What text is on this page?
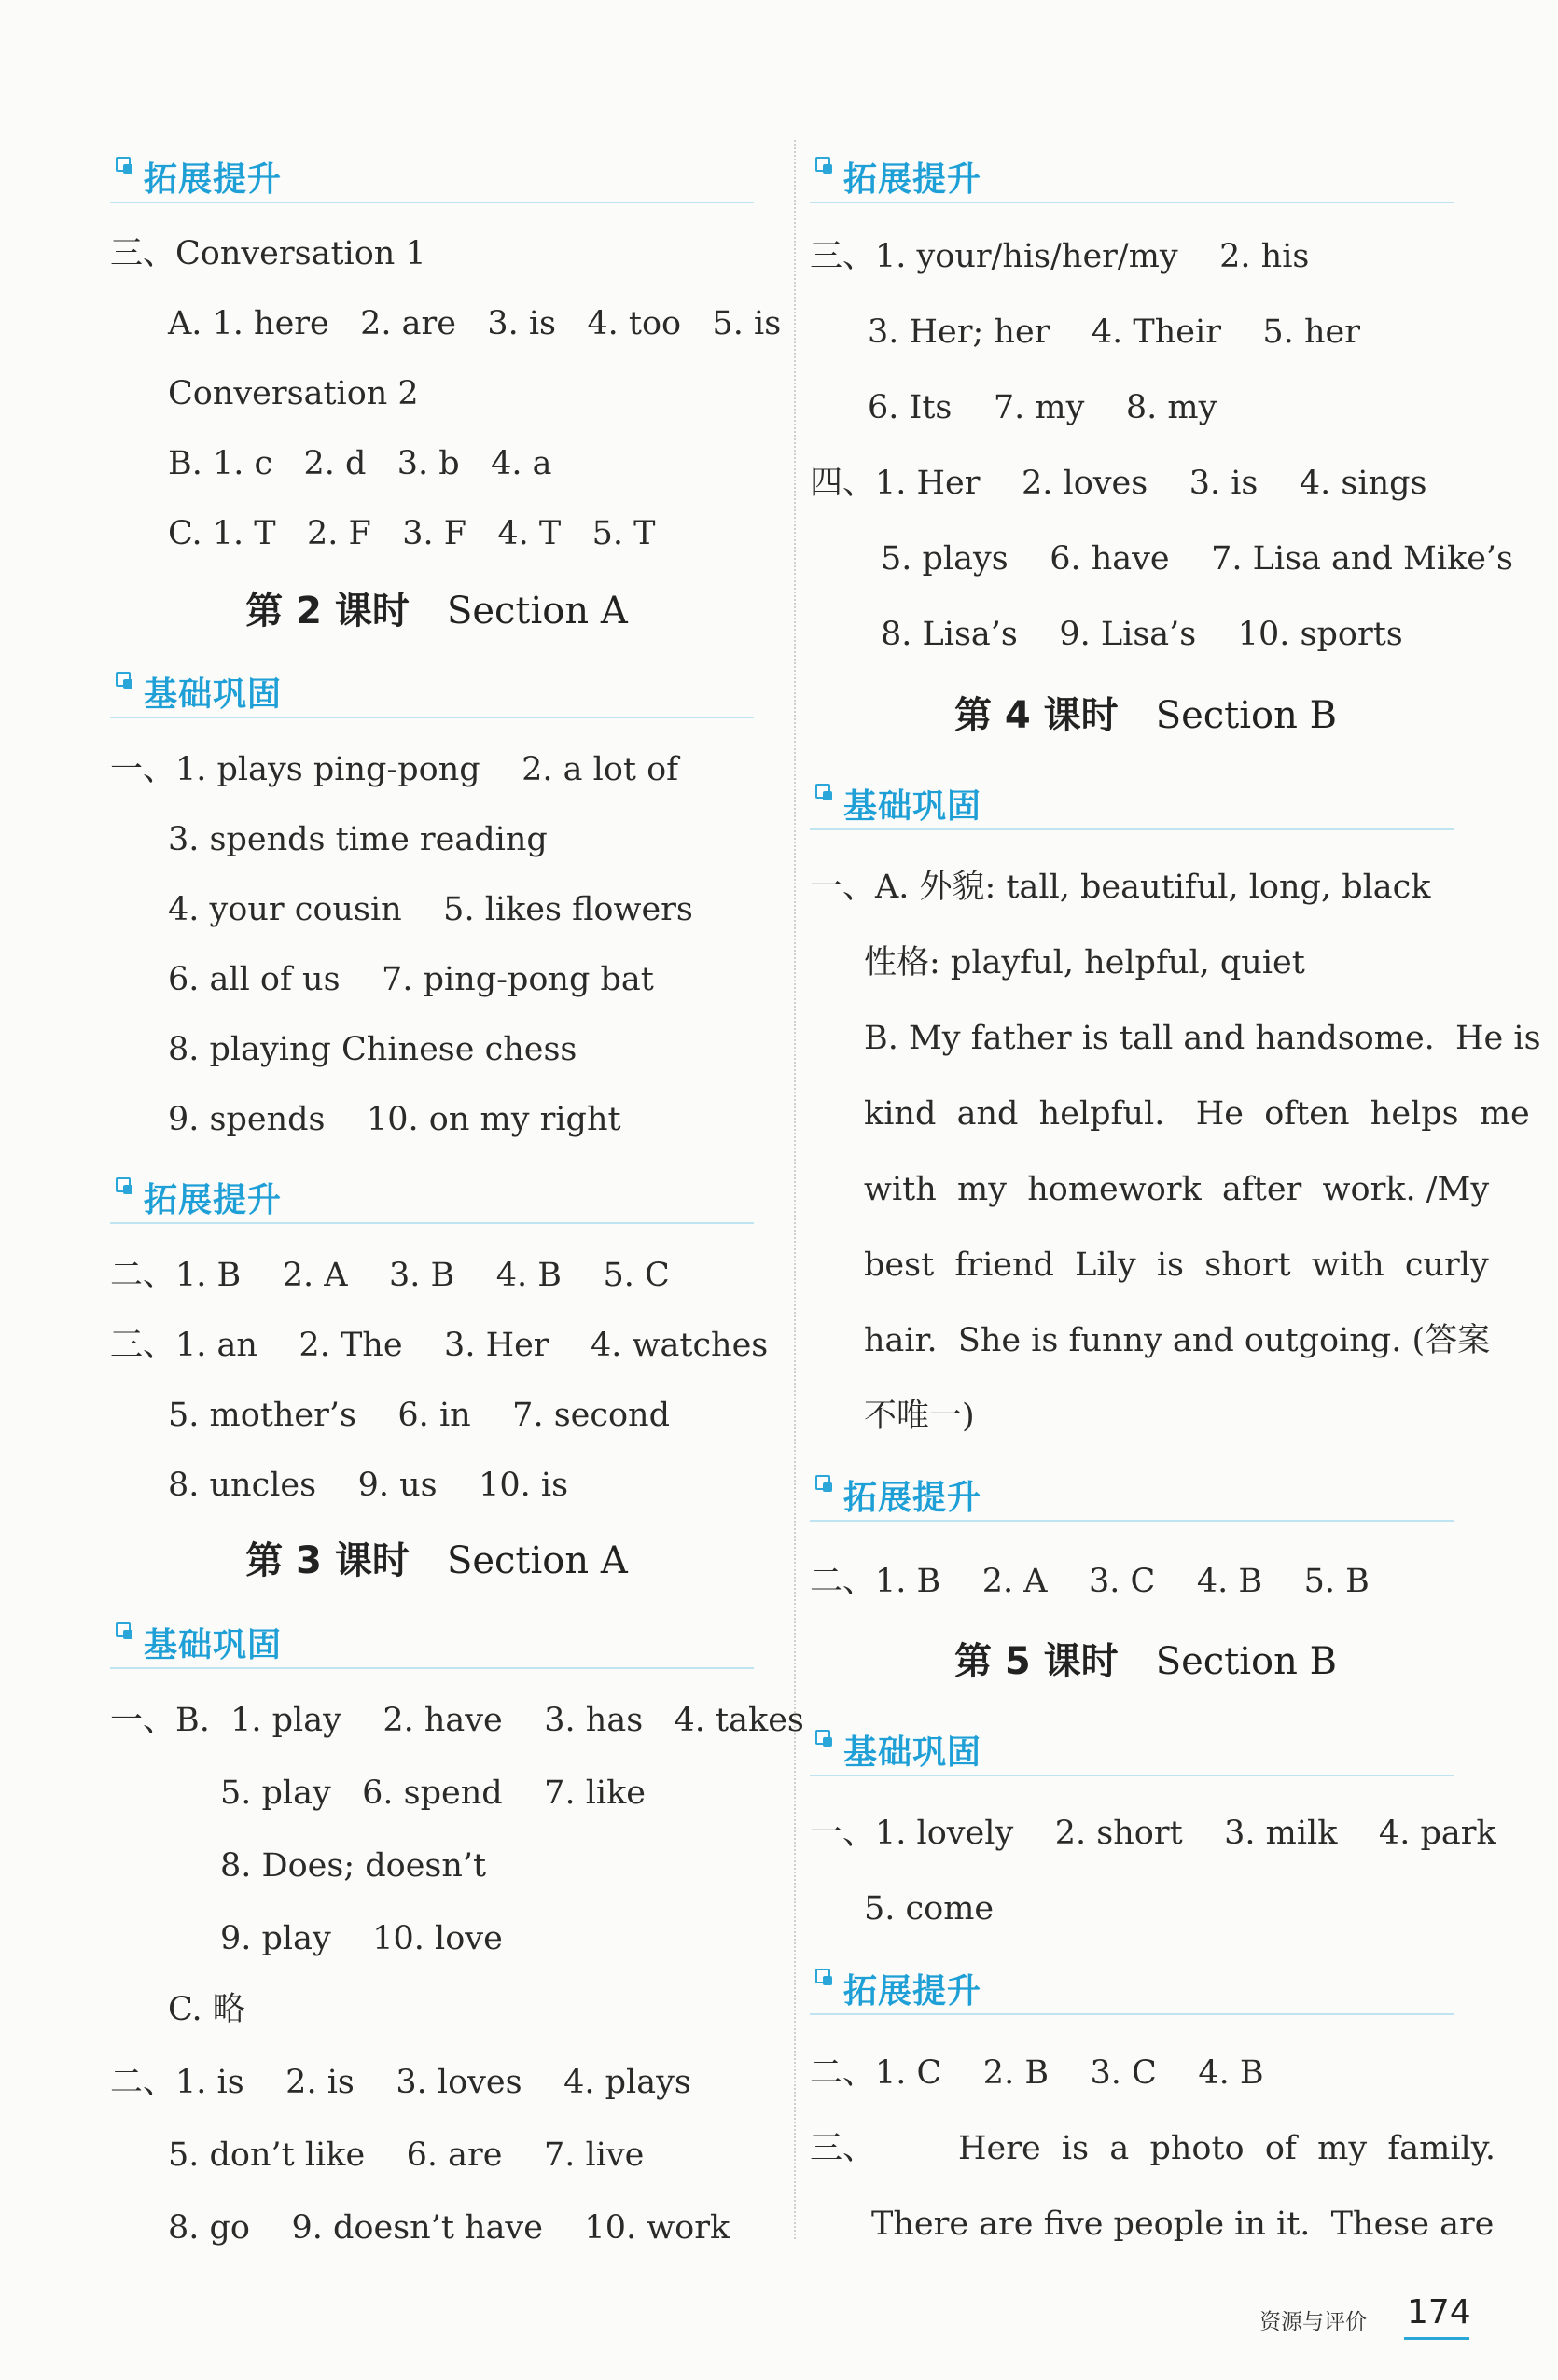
拓展提升
三、Conversation 1
A. 1. here   2. are   3. is   4. too   5. is
Conversation 2
B. 1. c   2. d   3. b   4. a
C. 1. T   2. F   3. F   4. T   5. T
第 2 课时 Section A
基础巩固
一、1. plays ping-pong    2. a lot of
3. spends time reading
4. your cousin    5. likes flowers
6. all of us    7. ping-pong bat
8. playing Chinese chess
9. spends    10. on my right
拓展提升
二、1. B    2. A    3. B    4. B    5. C
三、1. an    2. The    3. Her    4. watches
5. mother’s    6. in    7. second
8. uncles    9. us    10. is
第 3 课时 Section A
基础巩固
一、B.  1. play    2. have    3. has   4. takes
5. play   6. spend    7. like
8. Does; doesn’t
9. play    10. love
C. 略
二、1. is    2. is    3. loves    4. plays
5. don’t like    6. are    7. live
8. go    9. doesn’t have    10. work
拓展提升
三、1. your/his/her/my    2. his
3. Her; her    4. Their    5. her
6. Its    7. my    8. my
四、1. Her    2. loves    3. is    4. sings
5. plays    6. have    7. Lisa and Mike’s
8. Lisa’s    9. Lisa’s    10. sports
第 4 课时 Section B
基础巩固
一、A. 外貌: tall, beautiful, long, black
性格: playful, helpful, quiet
B. My father is tall and handsome.  He is
kind  and  helpful.   He  often  helps  me
with  my  homework  after  work. /My
best  friend  Lily  is  short  with  curly
hair.  She is funny and outgoing. (答案
不唯一)
拓展提升
二、1. B    2. A    3. C    4. B    5. B
第 5 课时 Section B
基础巩固
一、1. lovely    2. short    3. milk    4. park
5. come
拓展提升
二、1. C    2. B    3. C    4. B
三、        Here  is  a  photo  of  my  family.
There are five people in it.  These are
资源与评价 174
